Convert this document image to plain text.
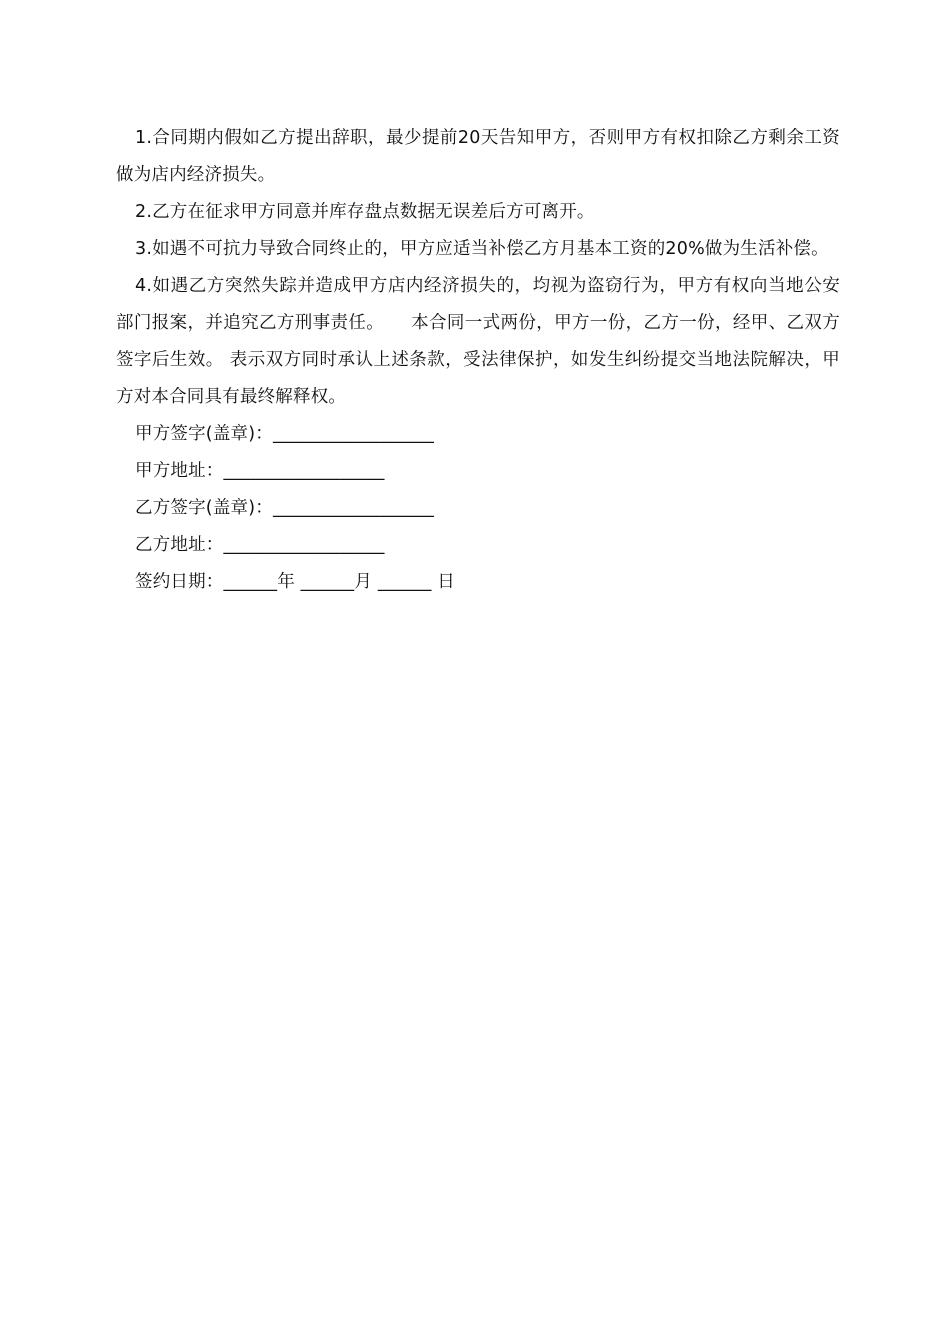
1.合同期内假如乙方提出辞职，最少提前20天告知甲方，否则甲方有权扣除乙方剩余工资做为店内经济损失。

2.乙方在征求甲方同意并库存盘点数据无误差后方可离开。

3.如遇不可抗力导致合同终止的，甲方应适当补偿乙方月基本工资的20%做为生活补偿。

4.如遇乙方突然失踪并造成甲方店内经济损失的，均视为盗窃行为，甲方有权向当地公安部门报案，并追究乙方刑事责任。　　本合同一式两份，甲方一份，乙方一份，经甲、乙双方签字后生效。 表示双方同时承认上述条款，受法律保护，如发生纠纷提交当地法院解决，甲方对本合同具有最终解释权。

甲方签字(盖章)：__________________

甲方地址：__________________

乙方签字(盖章)：__________________

乙方地址：__________________

签约日期：______年 ______月 ______ 日
